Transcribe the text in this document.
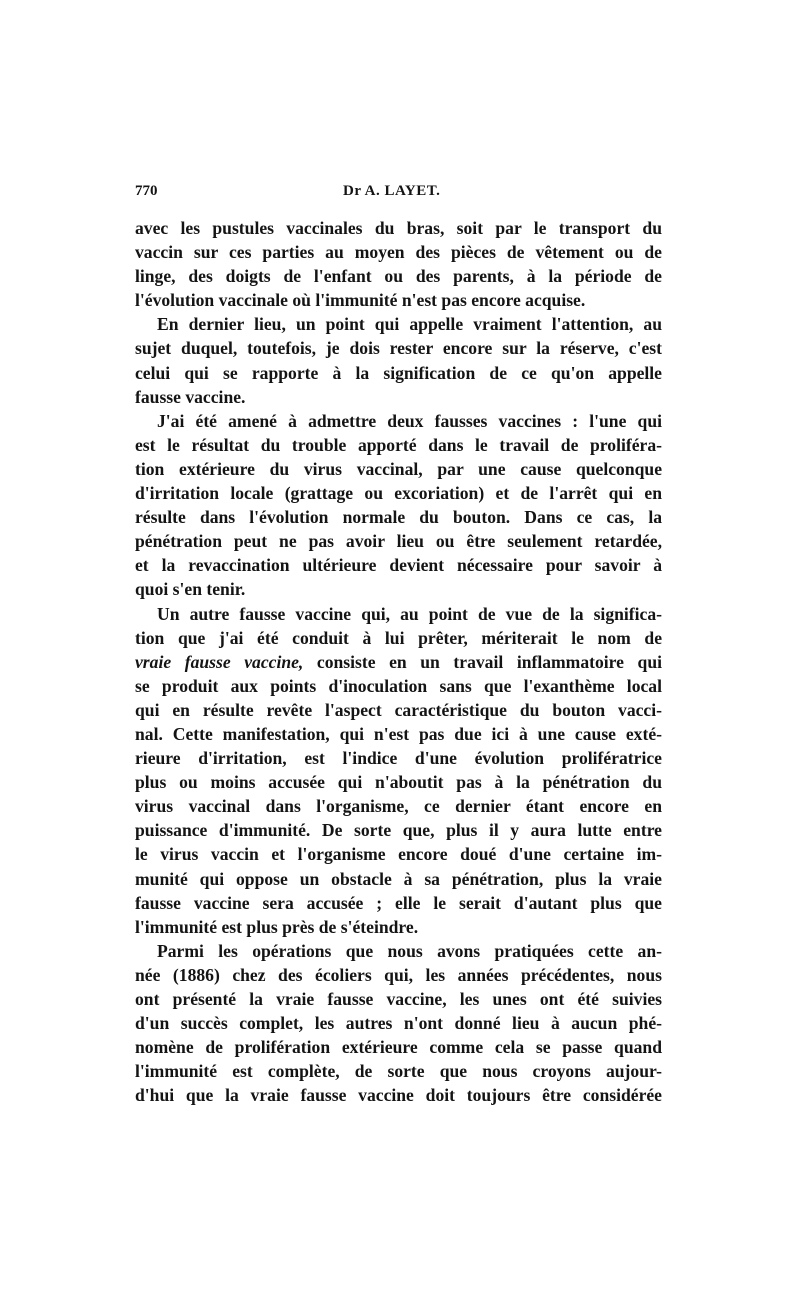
770	Dr A. LAYET.
avec les pustules vaccinales du bras, soit par le transport du
vaccin sur ces parties au moyen des pièces de vêtement ou de
linge, des doigts de l'enfant ou des parents, à la période de
l'évolution vaccinale où l'immunité n'est pas encore acquise.
En dernier lieu, un point qui appelle vraiment l'attention, au
sujet duquel, toutefois, je dois rester encore sur la réserve, c'est
celui qui se rapporte à la signification de ce qu'on appelle
fausse vaccine.
J'ai été amené à admettre deux fausses vaccines : l'une qui
est le résultat du trouble apporté dans le travail de proliféra-
tion extérieure du virus vaccinal, par une cause quelconque
d'irritation locale (grattage ou excoriation) et de l'arrêt qui en
résulte dans l'évolution normale du bouton. Dans ce cas, la
pénétration peut ne pas avoir lieu ou être seulement retardée,
et la revaccination ultérieure devient nécessaire pour savoir à
quoi s'en tenir.
Un autre fausse vaccine qui, au point de vue de la significa-
tion que j'ai été conduit à lui prêter, mériterait le nom de
vraie fausse vaccine, consiste en un travail inflammatoire qui
se produit aux points d'inoculation sans que l'exanthème local
qui en résulte revête l'aspect caractéristique du bouton vacci-
nal. Cette manifestation, qui n'est pas due ici à une cause exté-
rieure d'irritation, est l'indice d'une évolution prolifératrice
plus ou moins accusée qui n'aboutit pas à la pénétration du
virus vaccinal dans l'organisme, ce dernier étant encore en
puissance d'immunité. De sorte que, plus il y aura lutte entre
le virus vaccin et l'organisme encore doué d'une certaine im-
munité qui oppose un obstacle à sa pénétration, plus la vraie
fausse vaccine sera accusée ; elle le serait d'autant plus que
l'immunité est plus près de s'éteindre.
Parmi les opérations que nous avons pratiquées cette an-
née (1886) chez des écoliers qui, les années précédentes, nous
ont présenté la vraie fausse vaccine, les unes ont été suivies
d'un succès complet, les autres n'ont donné lieu à aucun phé-
nomène de prolifération extérieure comme cela se passe quand
l'immunité est complète, de sorte que nous croyons aujour-
d'hui que la vraie fausse vaccine doit toujours être considérée
